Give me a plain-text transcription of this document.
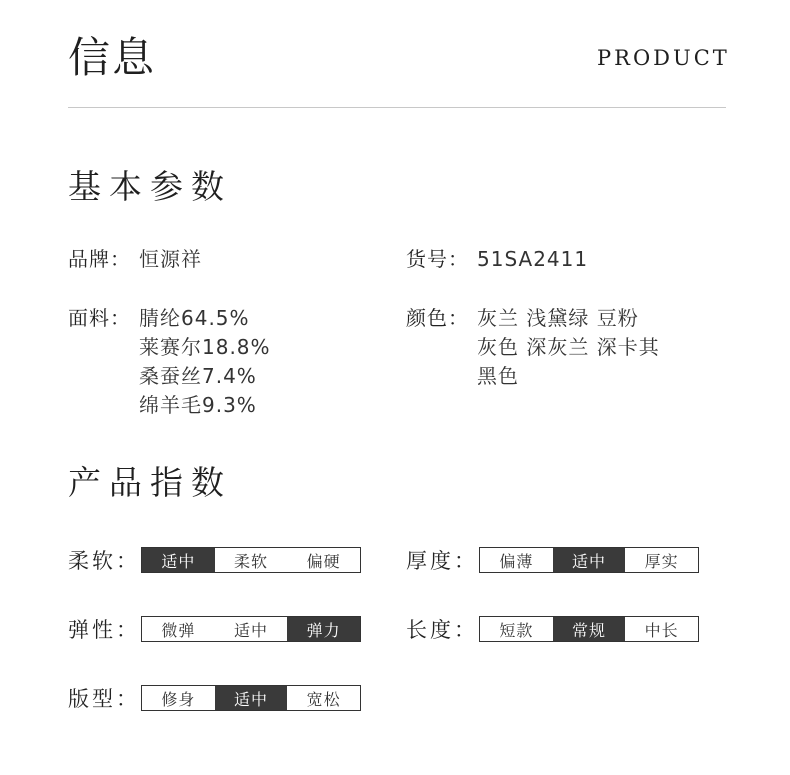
信息	PRODUCT
基本参数
品牌： 恒源祥	货号： 51SA2411
面料： 腈纶64.5%
莱赛尔18.8%
桑蚕丝7.4%
绵羊毛9.3%
颜色： 灰兰 浅黛绿 豆粉
灰色 深灰兰 深卡其
黑色
产品指数
柔软：	适中	柔软	偏硬	厚度：	偏薄	适中	厚实
弹性：	微弹	适中	弹力	长度：	短款	常规	中长
版型：	修身	适中	宽松
